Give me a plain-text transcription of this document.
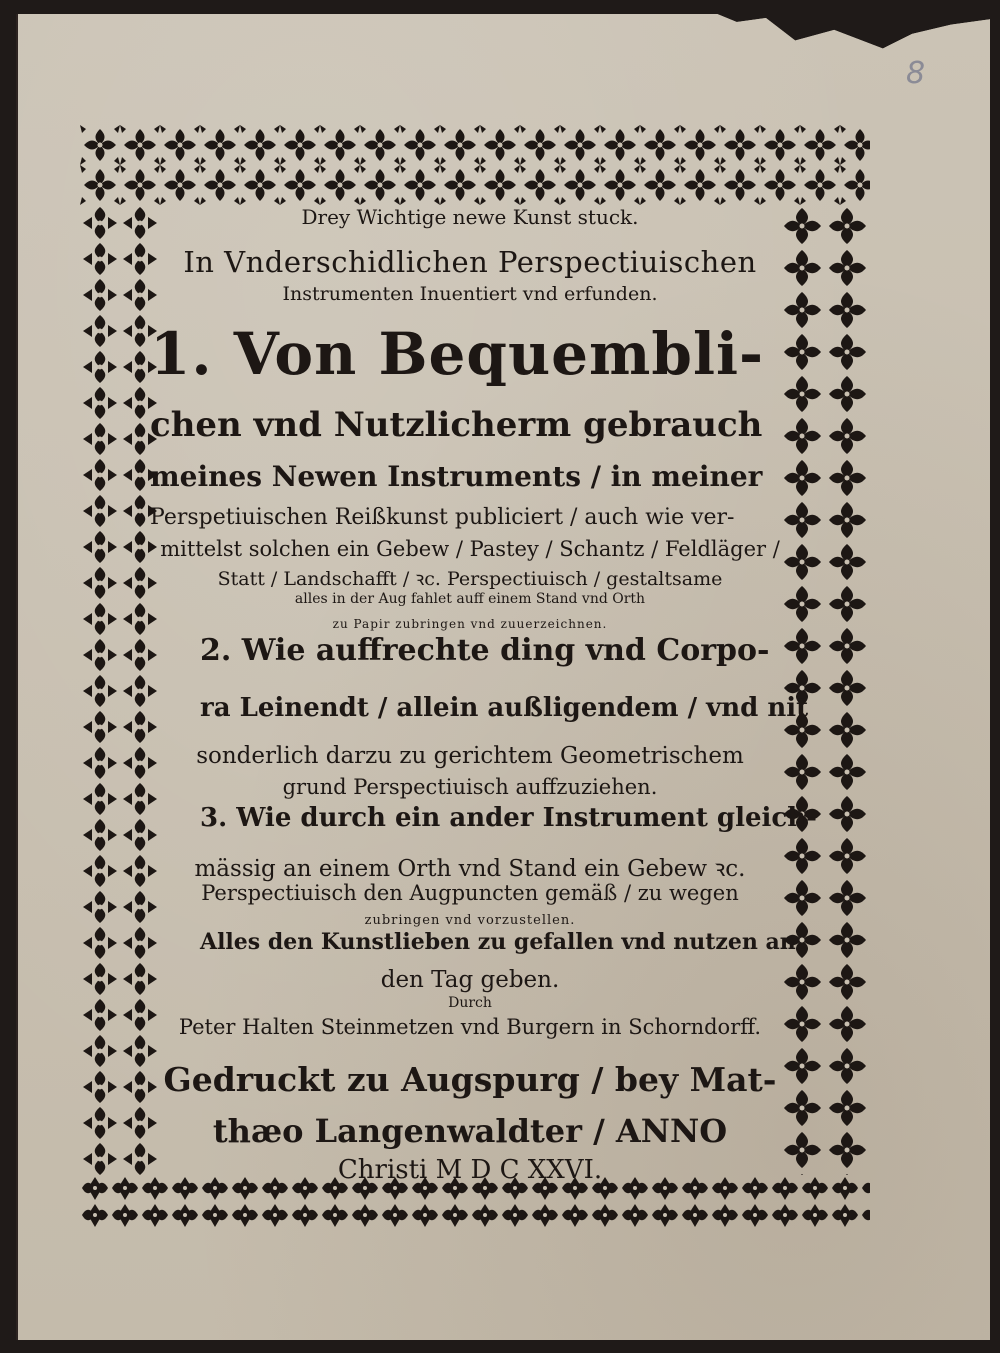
8
Drey Wichtige newe Kunst stuck.
In Vnderschidlichen Perspectiuischen
Instrumenten Inuentiert vnd erfunden.
1. Von Bequembli-
chen vnd Nutzlicherm gebrauch
meines Newen Instruments / in meiner
Perspetiuischen Reißkunst publiciert / auch wie ver-
mittelst solchen ein Gebew / Pastey / Schantz / Feldläger /
Statt / Landschafft / ꝛc. Perspectiuisch / gestaltsame
alles in der Aug fahlet auff einem Stand vnd Orth
zu Papir zubringen vnd zuuerzeichnen.
2. Wie auffrechte ding vnd Corpo-
ra Leinendt / allein außligendem / vnd nit
sonderlich darzu zu gerichtem Geometrischem
grund Perspectiuisch auffzuziehen.
3. Wie durch ein ander Instrument gleich-
mässig an einem Orth vnd Stand ein Gebew ꝛc.
Perspectiuisch den Augpuncten gemäß / zu wegen
zubringen vnd vorzustellen.
Alles den Kunstlieben zu gefallen vnd nutzen an
den Tag geben.
Durch
Peter Halten Steinmetzen vnd Burgern in Schorndorff.
Gedruckt zu Augspurg / bey Mat-
thæo Langenwaldter / ANNO
Christi M D C XXVI.
